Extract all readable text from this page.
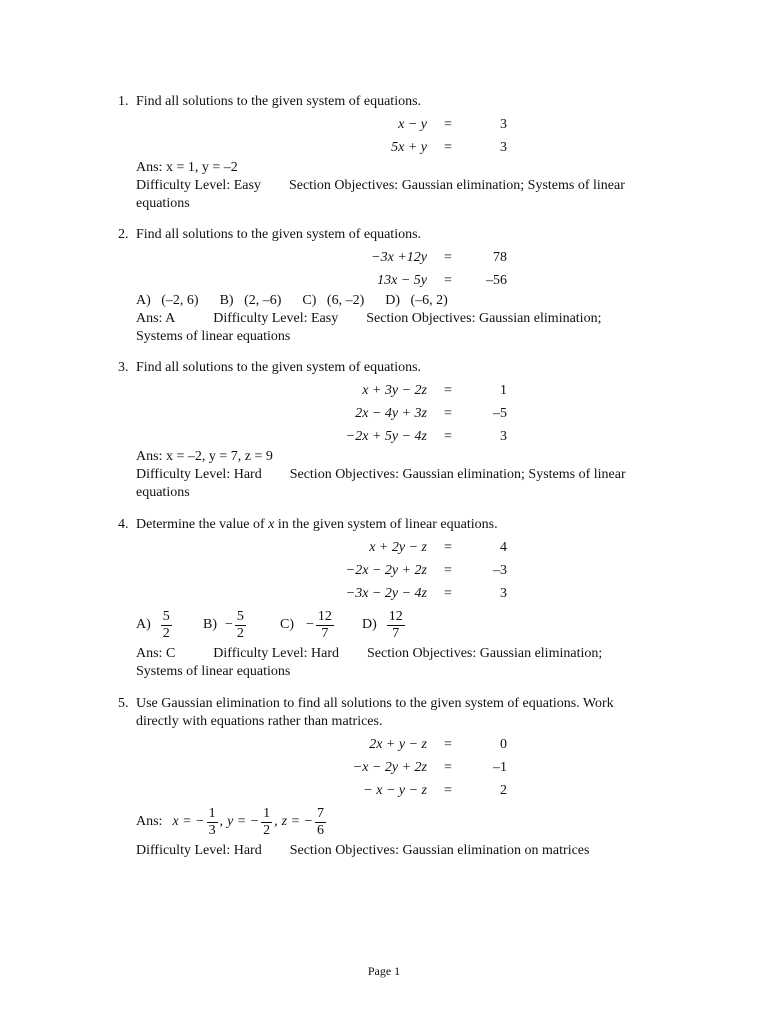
1. Find all solutions to the given system of equations.
x − y	=	3
5x + y	=	3
Ans: x = 1, y = –2
Difficulty Level: Easy Section Objectives: Gaussian elimination; Systems of linear
equations
2. Find all solutions to the given system of equations.
−3x +12y	=	78
13x − 5y	=	–56
A)   (–2, 6)      B)   (2, –6)      C)   (6, –2)      D)   (–6, 2)
Ans: A	Difficulty Level: Easy Section Objectives: Gaussian elimination;
Systems of linear equations
3. Find all solutions to the given system of equations.
x + 3y − 2z	=	1
2x − 4y + 3z	=	–5
−2x + 5y − 4z	=	3
Ans: x = –2, y = 7, z = 9
Difficulty Level: Hard Section Objectives: Gaussian elimination; Systems of linear
equations
4. Determine the value of x in the given system of linear equations.
x + 2y − z	=	4
−2x − 2y + 2z	=	–3
−3x − 2y − 4z	=	3
$A) \frac{5}{2} B) - \frac{5}{2} C) - \frac{12}{7} D) \frac{12}{7}$
Ans: C	Difficulty Level: Hard Section Objectives: Gaussian elimination;
Systems of linear equations
5. Use Gaussian elimination to find all solutions to the given system of equations. Work
directly with equations rather than matrices.
2x + y − z	=	0
−x − 2y + 2z	=	–1
− x − y − z	=	2
Ans: x = − $\frac{1}{3}$ , y = − $\frac{1}{2}$ , z = − $\frac{7}{6}$
Difficulty Level: Hard Section Objectives: Gaussian elimination on matrices
Page 1
